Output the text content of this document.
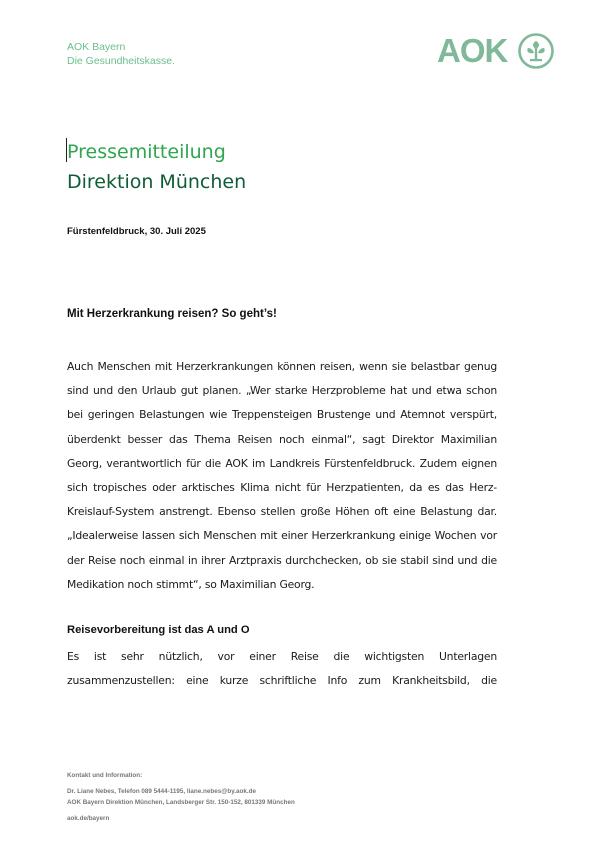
AOK Bayern
Die Gesundheitskasse.	AOK
Pressemitteilung
Direktion München
Fürstenfeldbruck, 30. Juli 2025
Mit Herzerkrankung reisen? So geht’s!
Auch Menschen mit Herzerkrankungen können reisen, wenn sie belastbar genug
sind und den Urlaub gut planen. „Wer starke Herzprobleme hat und etwa schon
bei geringen Belastungen wie Treppensteigen Brustenge und Atemnot verspürt,
überdenkt besser das Thema Reisen noch einmal“, sagt Direktor Maximilian
Georg, verantwortlich für die AOK im Landkreis Fürstenfeldbruck. Zudem eignen
sich tropisches oder arktisches Klima nicht für Herzpatienten, da es das Herz-
Kreislauf-System anstrengt. Ebenso stellen große Höhen oft eine Belastung dar.
„Idealerweise lassen sich Menschen mit einer Herzerkrankung einige Wochen vor
der Reise noch einmal in ihrer Arztpraxis durchchecken, ob sie stabil sind und die
Medikation noch stimmt“, so Maximilian Georg.
Reisevorbereitung ist das A und O
Es ist sehr nützlich, vor einer Reise die wichtigsten Unterlagen
zusammenzustellen: eine kurze schriftliche Info zum Krankheitsbild, die
Kontakt und Information:
Dr. Liane Nebes, Telefon 089 5444-1195, liane.nebes@by.aok.de
AOK Bayern Direktion München, Landsberger Str. 150-152, 801339 München
aok.de/bayern
